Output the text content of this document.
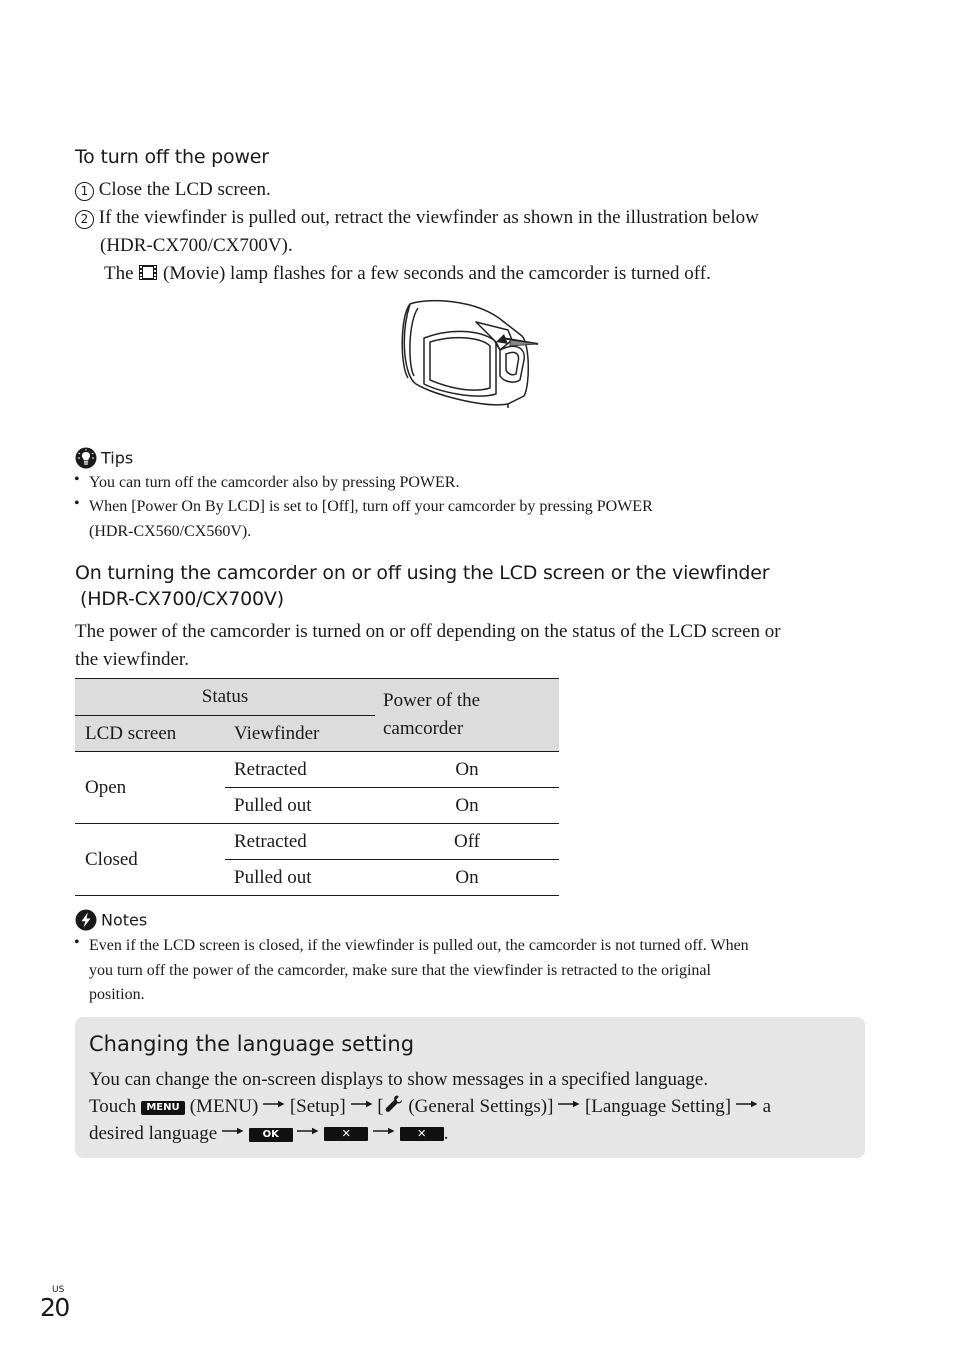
To turn off the power
1 Close the LCD screen.
2 If the viewfinder is pulled out, retract the viewfinder as shown in the illustration below
(HDR-CX700/CX700V).
The (Movie) lamp flashes for a few seconds and the camcorder is turned off.
Tips
• You can turn off the camcorder also by pressing POWER.
• When [Power On By LCD] is set to [Off], turn off your camcorder by pressing POWER
(HDR-CX560/CX560V).
On turning the camcorder on or off using the LCD screen or the viewfinder
(HDR-CX700/CX700V)
The power of the camcorder is turned on or off depending on the status of the LCD screen or
the viewfinder.
Status		Power of the
camcorder

LCD screen	Viewfinder	
Open	Retracted	On
	Pulled out	On
Closed	Retracted	Off
	Pulled out	On
Notes
• Even if the LCD screen is closed, if the viewfinder is pulled out, the camcorder is not turned off. When
you turn off the power of the camcorder, make sure that the viewfinder is retracted to the original
position.
Changing the language setting
You can change the on-screen displays to show messages in a specified language.
Touch MENU (MENU) [Setup] [ (General Settings)] [Language Setting] a
desired language	OK	✕	✕ .
US
20
